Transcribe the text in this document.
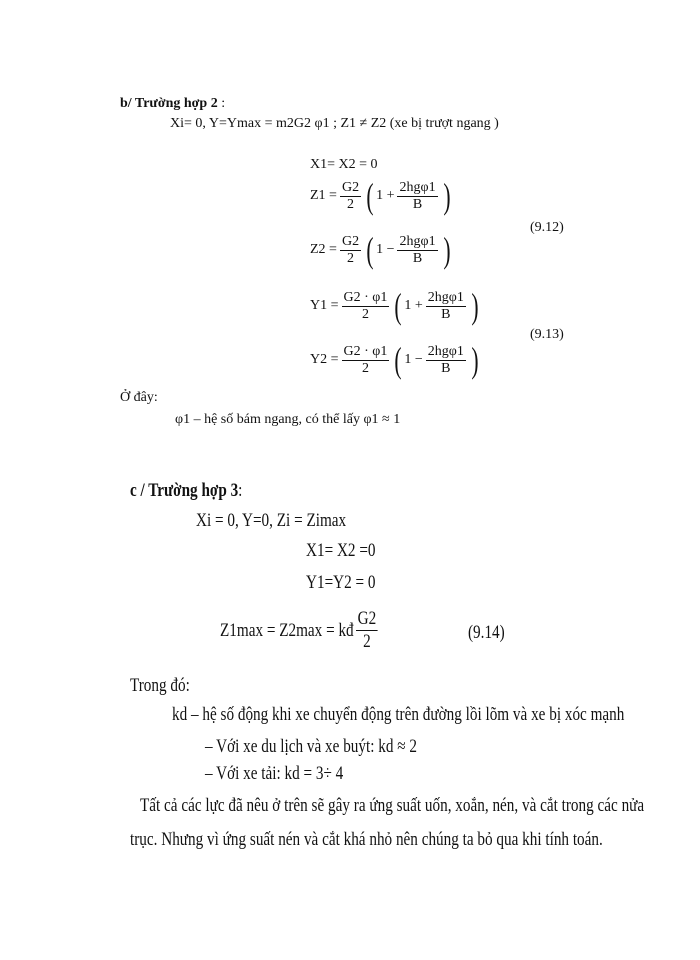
b/ Trường hợp 2 :
Xi= 0, Y=Ymax = m2G2 φ1 ; Z1 ≠ Z2 (xe bị trượt ngang )
X1= X2 = 0
$Z1 = \frac{G2}{2}$ ( $1 + \frac{\text{2hgφ1}}{B}$ )
$Z2 = \frac{G2}{2}$ ( $1 - \frac{\text{2hgφ1}}{B}$ )
(9.12)
$Y1 = \frac{G2 \cdot \varphi 1}{2}$ ( $1 + \frac{\text{2hgφ1}}{B}$ )
$Y2 = \frac{G2 \cdot \varphi 1}{2}$ ( $1 - \frac{\text{2hgφ1}}{B}$ )
(9.13)
Ở đây:
φ1 – hệ số bám ngang, có thể lấy φ1 ≈ 1
c / Trường hợp 3:
Xi = 0, Y=0, Zi = Zimax
X1= X2 =0
Y1=Y2 = 0
Z1max = Z2max = kđ $\frac{G2}{2}$	(9.14)
Trong đó:
kd – hệ số động khi xe chuyển động trên đường lồi lõm và xe bị xóc mạnh
– Với xe du lịch và xe buýt: kd ≈ 2
– Với xe tải: kd = 3÷ 4
Tất cả các lực đã nêu ở trên sẽ gây ra ứng suất uốn, xoắn, nén, và cắt trong các nửa
trục. Nhưng vì ứng suất nén và cắt khá nhỏ nên chúng ta bỏ qua khi tính toán.
